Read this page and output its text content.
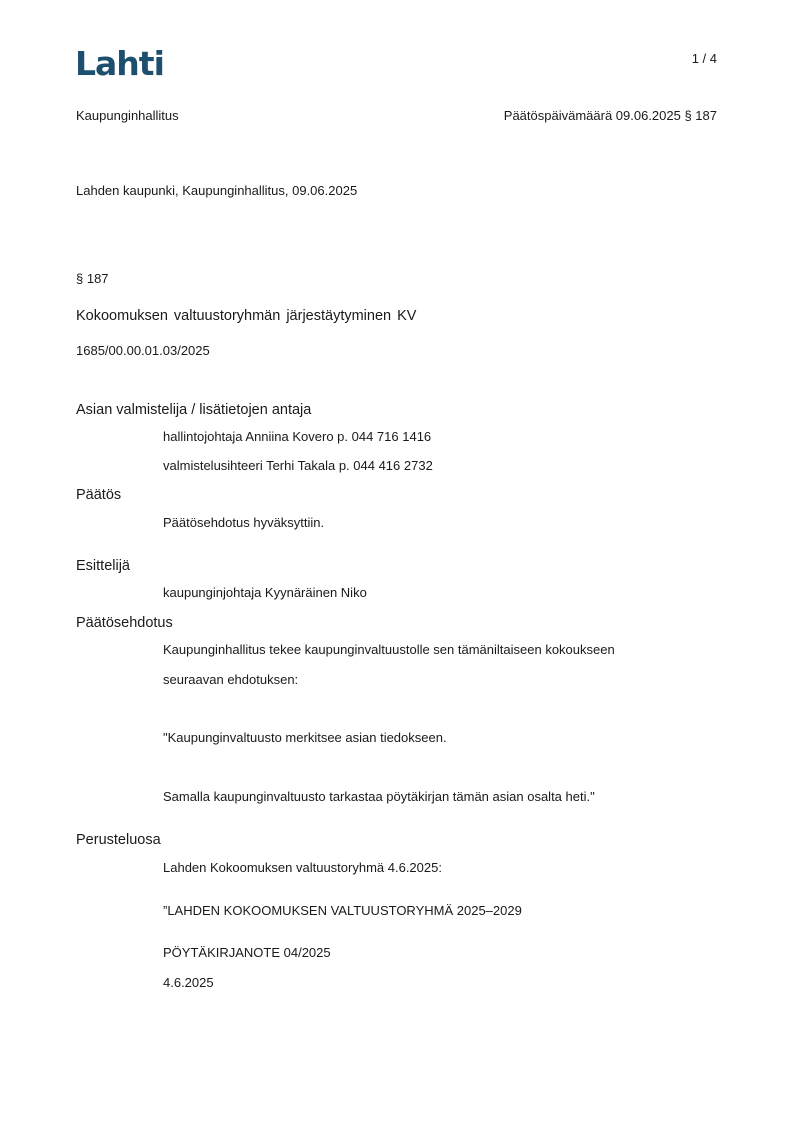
Lahti	1 / 4
Kaupunginhallitus	Päätöspäivämäärä 09.06.2025 § 187
Lahden kaupunki, Kaupunginhallitus, 09.06.2025
§ 187
Kokoomuksen valtuustoryhmän järjestäytyminen KV
1685/00.00.01.03/2025
Asian valmistelija / lisätietojen antaja
hallintojohtaja Anniina Kovero p. 044 716 1416
valmistelusihteeri Terhi Takala p. 044 416 2732
Päätös
Päätösehdotus hyväksyttiin.
Esittelijä
kaupunginjohtaja Kyynäräinen Niko
Päätösehdotus
Kaupunginhallitus tekee kaupunginvaltuustolle sen tämäniltaiseen kokoukseen
seuraavan ehdotuksen:
"Kaupunginvaltuusto merkitsee asian tiedokseen.
Samalla kaupunginvaltuusto tarkastaa pöytäkirjan tämän asian osalta heti."
Perusteluosa
Lahden Kokoomuksen valtuustoryhmä 4.6.2025:
”LAHDEN KOKOOMUKSEN VALTUUSTORYHMÄ 2025–2029
PÖYTÄKIRJANOTE 04/2025
4.6.2025
